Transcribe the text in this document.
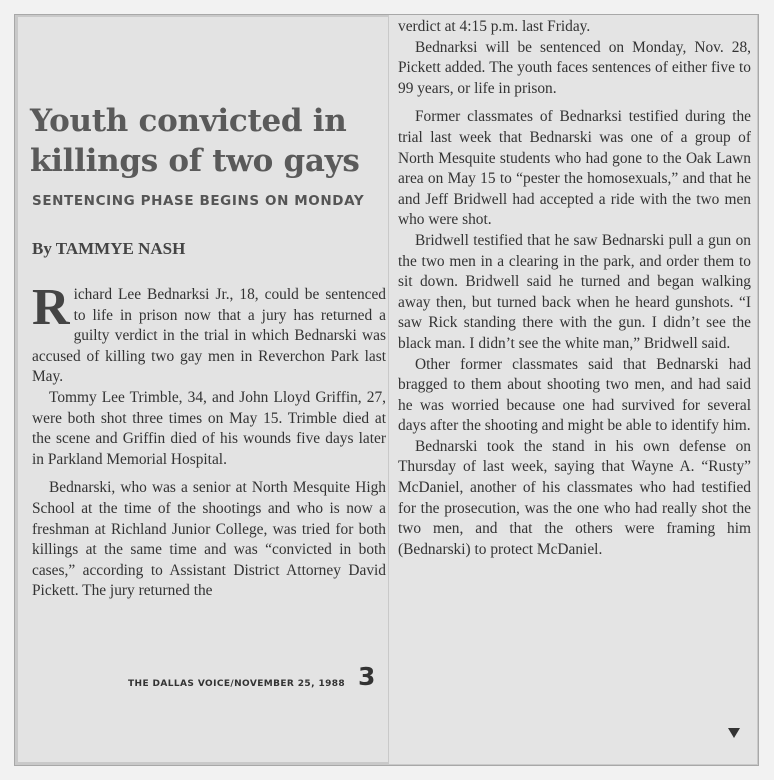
Youth convicted in
killings of two gays
SENTENCING PHASE BEGINS ON MONDAY
By TAMMYE NASH

Richard Lee Bednarksi Jr., 18, could be sentenced to life in prison now that a jury has returned a guilty verdict in the trial in which Bednarski was accused of killing two gay men in Reverchon Park last May.

Tommy Lee Trimble, 34, and John Lloyd Griffin, 27, were both shot three times on May 15. Trimble died at the scene and Griffin died of his wounds five days later in Parkland Memorial Hospital.

Bednarski, who was a senior at North Mesquite High School at the time of the shootings and who is now a freshman at Richland Junior College, was tried for both killings at the same time and was “convicted in both cases,” according to Assistant District Attorney David Pickett. The jury returned the

THE DALLAS VOICE/NOVEMBER 25, 1988 3

verdict at 4:15 p.m. last Friday.

Bednarksi will be sentenced on Monday, Nov. 28, Pickett added. The youth faces sentences of either five to 99 years, or life in prison.

Former classmates of Bednarksi testified during the trial last week that Bednarski was one of a group of North Mesquite students who had gone to the Oak Lawn area on May 15 to “pester the homosexuals,” and that he and Jeff Bridwell had accepted a ride with the two men who were shot.

Bridwell testified that he saw Bednarski pull a gun on the two men in a clearing in the park, and order them to sit down. Bridwell said he turned and began walking away then, but turned back when he heard gunshots. “I saw Rick standing there with the gun. I didn’t see the black man. I didn’t see the white man,” Bridwell said.

Other former classmates said that Bednarski had bragged to them about shooting two men, and had said he was worried because one had survived for several days after the shooting and might be able to identify him.

Bednarski took the stand in his own defense on Thursday of last week, saying that Wayne A. “Rusty” McDaniel, another of his classmates who had testified for the prosecution, was the one who had really shot the two men, and that the others were framing him (Bednarski) to protect McDaniel.
